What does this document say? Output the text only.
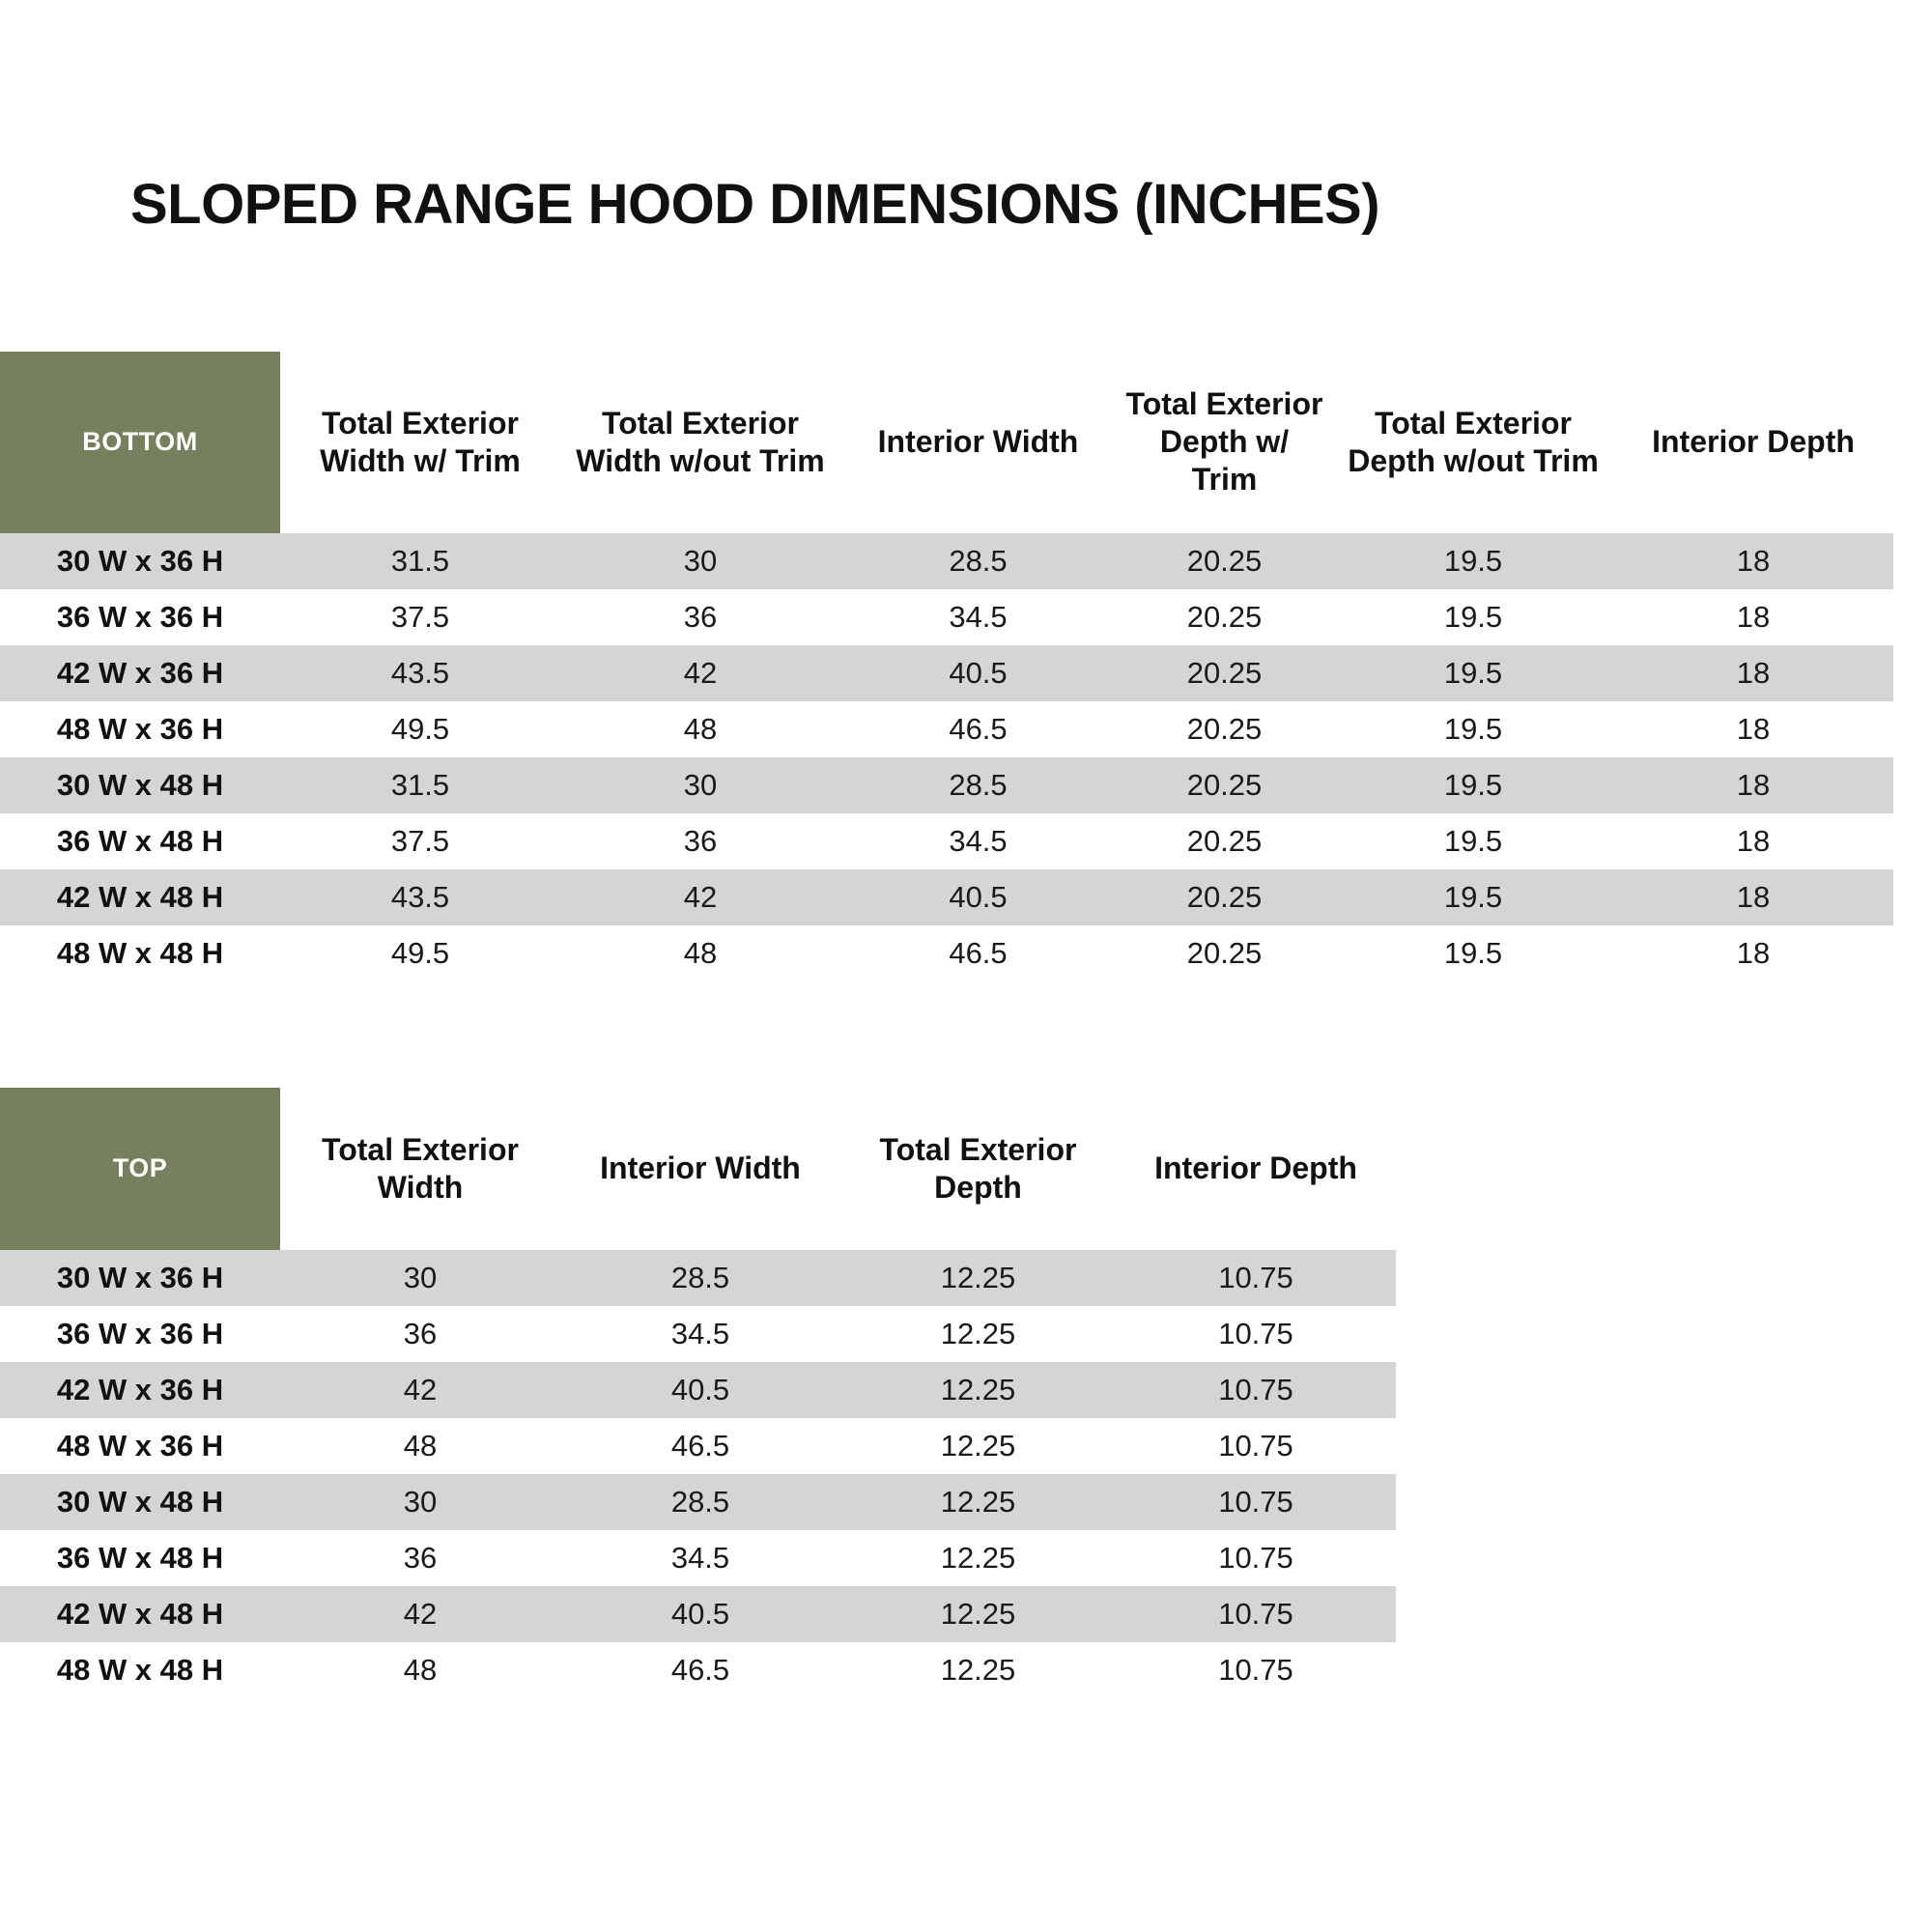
SLOPED RANGE HOOD DIMENSIONS (INCHES)
BOTTOM	Total Exterior Width w/ Trim	Total Exterior Width w/out Trim	Interior Width	Total Exterior Depth w/ Trim	Total Exterior Depth w/out Trim	Interior Depth
30 W x 36 H	31.5	30	28.5	20.25	19.5	18
36 W x 36 H	37.5	36	34.5	20.25	19.5	18
42 W x 36 H	43.5	42	40.5	20.25	19.5	18
48 W x 36 H	49.5	48	46.5	20.25	19.5	18
30 W x 48 H	31.5	30	28.5	20.25	19.5	18
36 W x 48 H	37.5	36	34.5	20.25	19.5	18
42 W x 48 H	43.5	42	40.5	20.25	19.5	18
48 W x 48 H	49.5	48	46.5	20.25	19.5	18
TOP	Total Exterior Width	Interior Width	Total Exterior Depth	Interior Depth
30 W x 36 H	30	28.5	12.25	10.75
36 W x 36 H	36	34.5	12.25	10.75
42 W x 36 H	42	40.5	12.25	10.75
48 W x 36 H	48	46.5	12.25	10.75
30 W x 48 H	30	28.5	12.25	10.75
36 W x 48 H	36	34.5	12.25	10.75
42 W x 48 H	42	40.5	12.25	10.75
48 W x 48 H	48	46.5	12.25	10.75
